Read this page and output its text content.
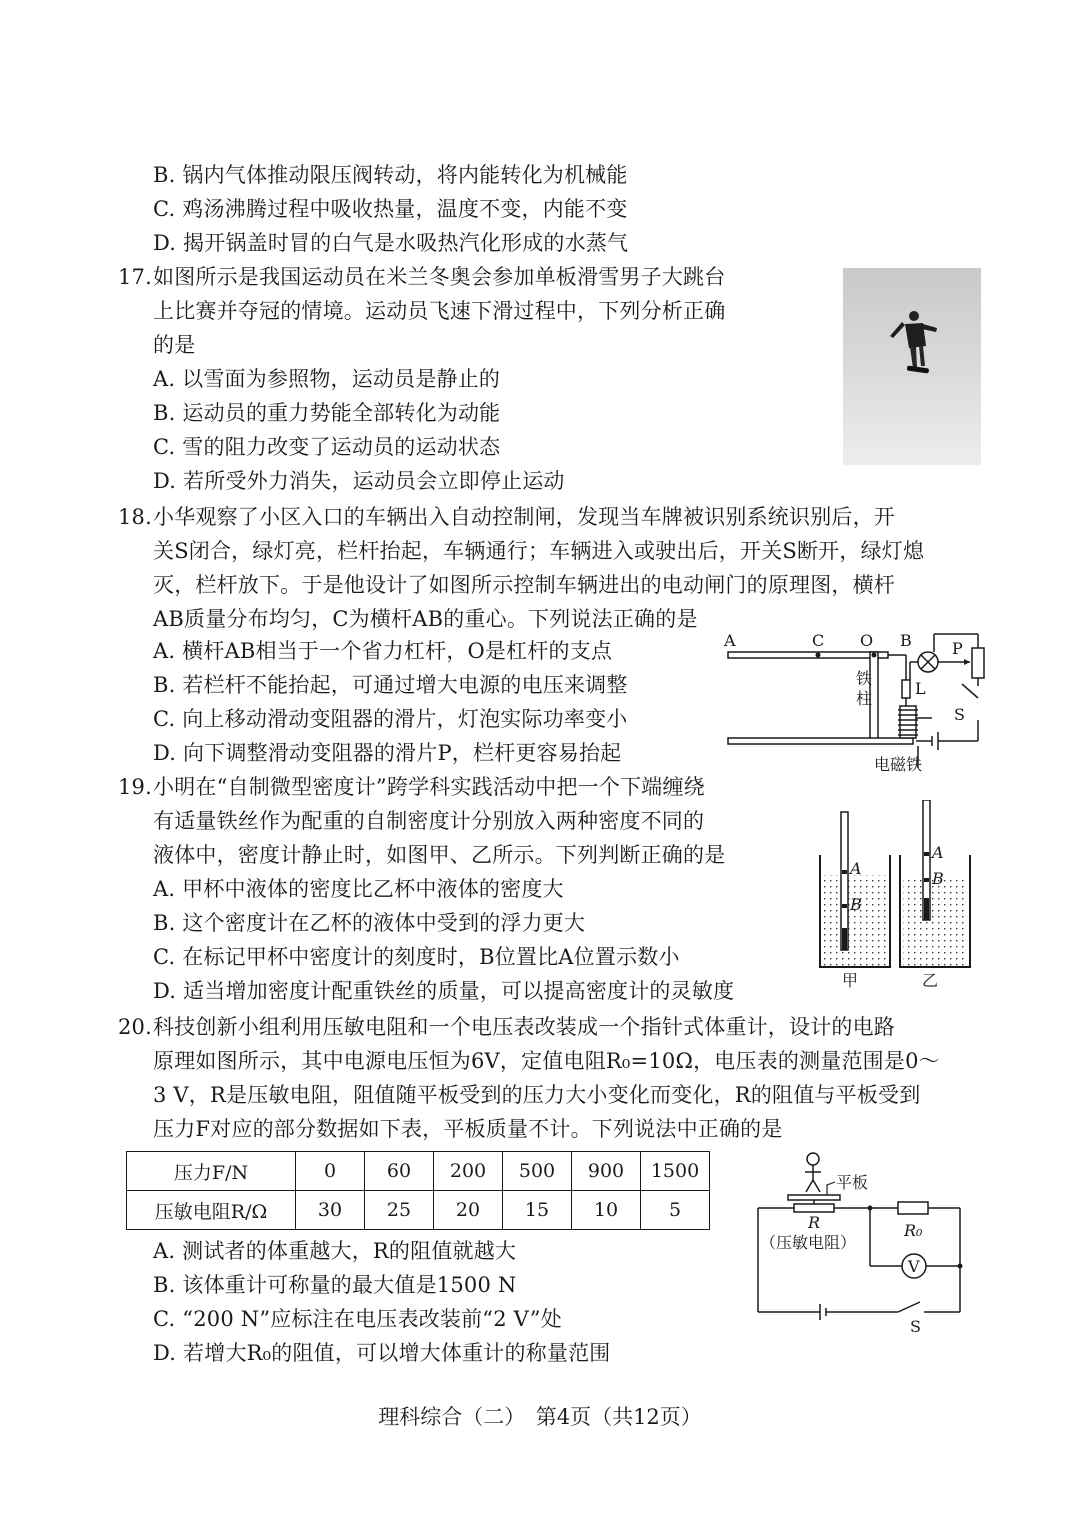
B. 锅内气体推动限压阀转动，将内能转化为机械能
C. 鸡汤沸腾过程中吸收热量，温度不变，内能不变
D. 揭开锅盖时冒的白气是水吸热汽化形成的水蒸气
17.如图所示是我国运动员在米兰冬奥会参加单板滑雪男子大跳台
上比赛并夺冠的情境。运动员飞速下滑过程中，下列分析正确
的是
A. 以雪面为参照物，运动员是静止的
B. 运动员的重力势能全部转化为动能
C. 雪的阻力改变了运动员的运动状态
D. 若所受外力消失，运动员会立即停止运动
18.小华观察了小区入口的车辆出入自动控制闸，发现当车牌被识别系统识别后，开
关S闭合，绿灯亮，栏杆抬起，车辆通行；车辆进入或驶出后，开关S断开，绿灯熄
灭，栏杆放下。于是他设计了如图所示控制车辆进出的电动闸门的原理图，横杆
AB质量分布均匀，C为横杆AB的重心。下列说法正确的是
A. 横杆AB相当于一个省力杠杆，O是杠杆的支点
B. 若栏杆不能抬起，可通过增大电源的电压来调整
C. 向上移动滑动变阻器的滑片，灯泡实际功率变小
D. 向下调整滑动变阻器的滑片P，栏杆更容易抬起
A	C O B	P
L
S
铁
柱
电磁铁
19.小明在“自制微型密度计”跨学科实践活动中把一个下端缠绕
有适量铁丝作为配重的自制密度计分别放入两种密度不同的
液体中，密度计静止时，如图甲、乙所示。下列判断正确的是
A. 甲杯中液体的密度比乙杯中液体的密度大
B. 这个密度计在乙杯的液体中受到的浮力更大
C. 在标记甲杯中密度计的刻度时，B位置比A位置示数小
D. 适当增加密度计配重铁丝的质量，可以提高密度计的灵敏度
A
B
A
B
甲	乙
20.科技创新小组利用压敏电阻和一个电压表改装成一个指针式体重计，设计的电路
原理如图所示，其中电源电压恒为6V，定值电阻R₀=10Ω，电压表的测量范围是0～
3 V，R是压敏电阻，阻值随平板受到的压力大小变化而变化，R的阻值与平板受到
压力F对应的部分数据如下表，平板质量不计。下列说法中正确的是
压力F/N	0	60	200	500	900	1500
压敏电阻R/Ω	30	25	20	15	10	5
A. 测试者的体重越大，R的阻值就越大
B. 该体重计可称量的最大值是1500 N
C. “200 N”应标注在电压表改装前“2 V”处
D. 若增大R₀的阻值，可以增大体重计的称量范围
平板
R
（压敏电阻）
R₀
V
S
理科综合（二）　第4页（共12页）
